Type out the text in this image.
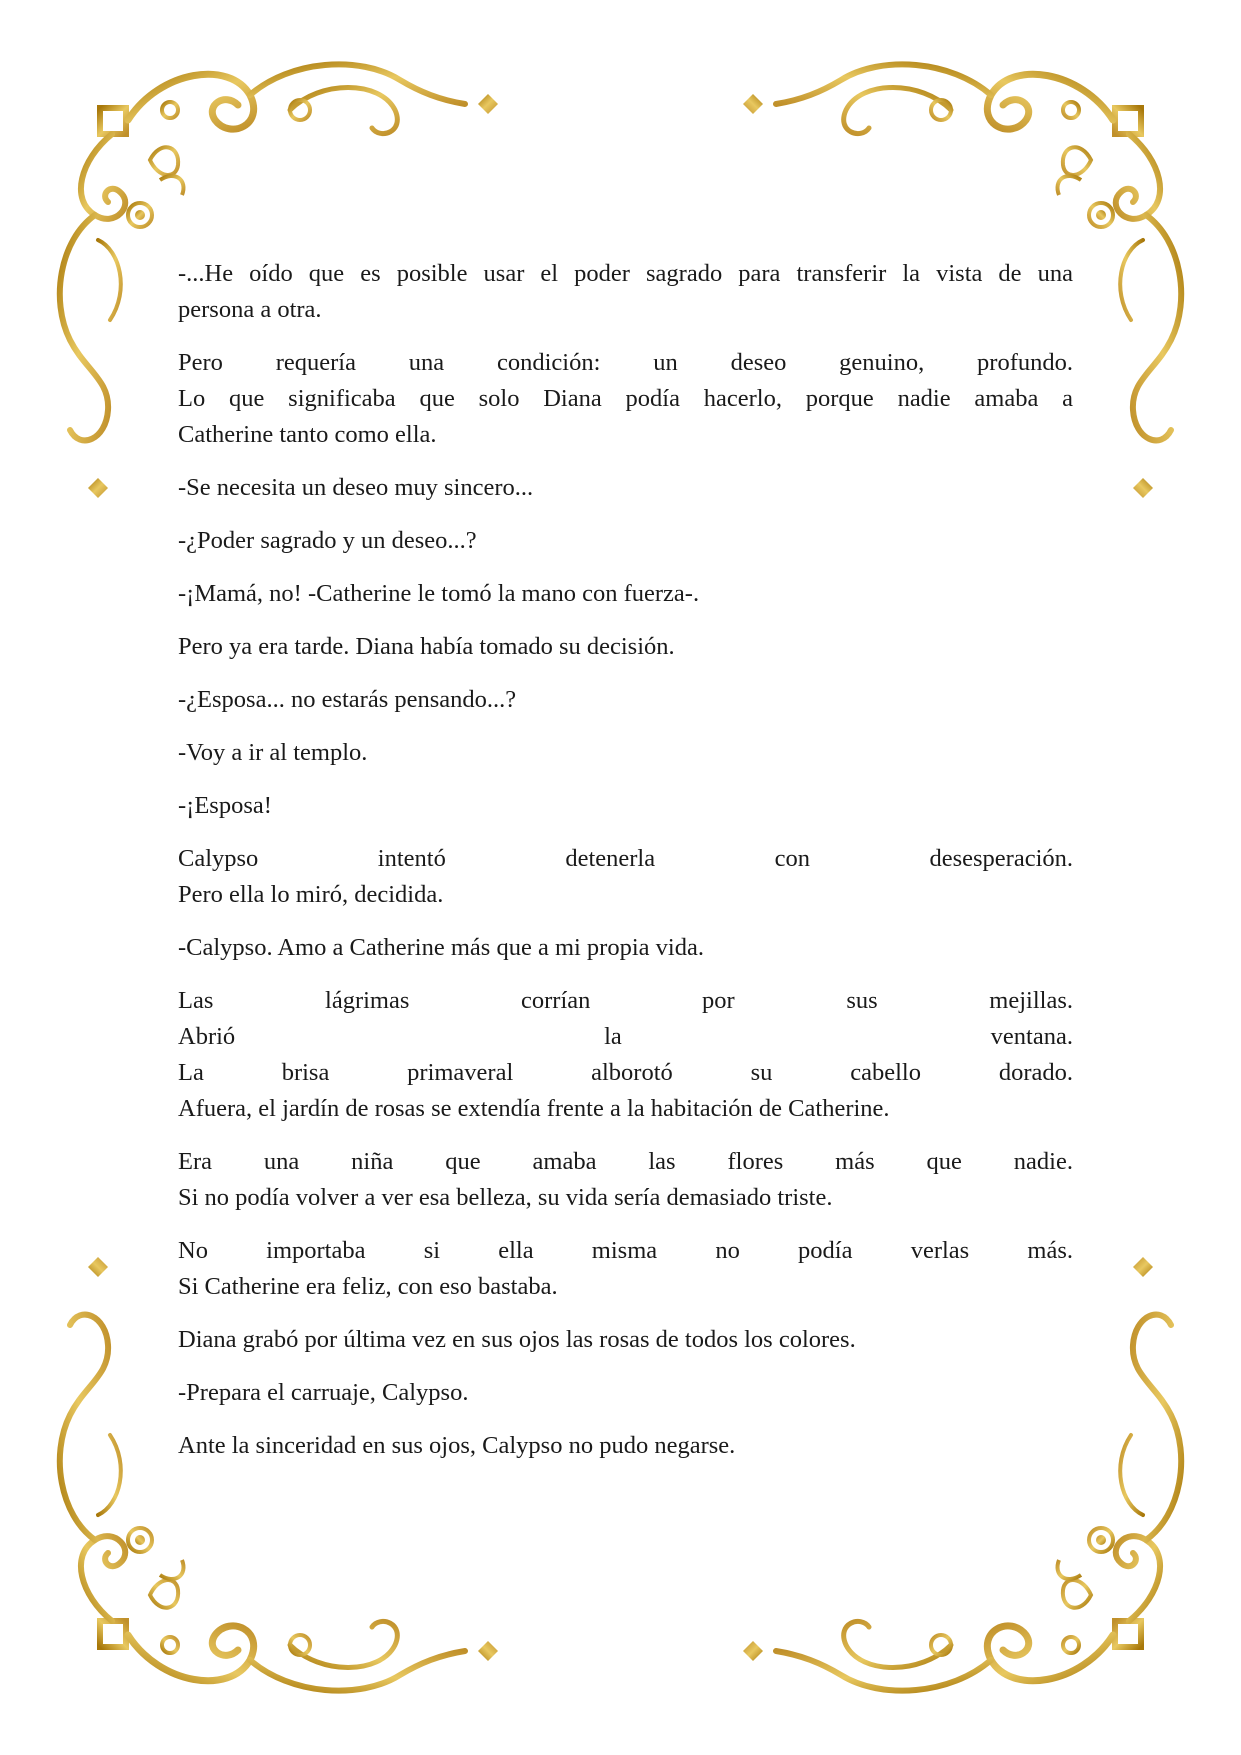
-...He oído que es posible usar el poder sagrado para transferir la vista de una
persona a otra.

Pero requería una condición: un deseo genuino, profundo.
Lo que significaba que solo Diana podía hacerlo, porque nadie amaba a
Catherine tanto como ella.

-Se necesita un deseo muy sincero...

-¿Poder sagrado y un deseo...?

-¡Mamá, no! -Catherine le tomó la mano con fuerza-.

Pero ya era tarde. Diana había tomado su decisión.

-¿Esposa... no estarás pensando...?

-Voy a ir al templo.

-¡Esposa!

Calypso intentó detenerla con desesperación.
Pero ella lo miró, decidida.

-Calypso. Amo a Catherine más que a mi propia vida.

Las lágrimas corrían por sus mejillas.
Abrió la ventana.
La brisa primaveral alborotó su cabello dorado.
Afuera, el jardín de rosas se extendía frente a la habitación de Catherine.

Era una niña que amaba las flores más que nadie.
Si no podía volver a ver esa belleza, su vida sería demasiado triste.

No importaba si ella misma no podía verlas más.
Si Catherine era feliz, con eso bastaba.

Diana grabó por última vez en sus ojos las rosas de todos los colores.

-Prepara el carruaje, Calypso.

Ante la sinceridad en sus ojos, Calypso no pudo negarse.
